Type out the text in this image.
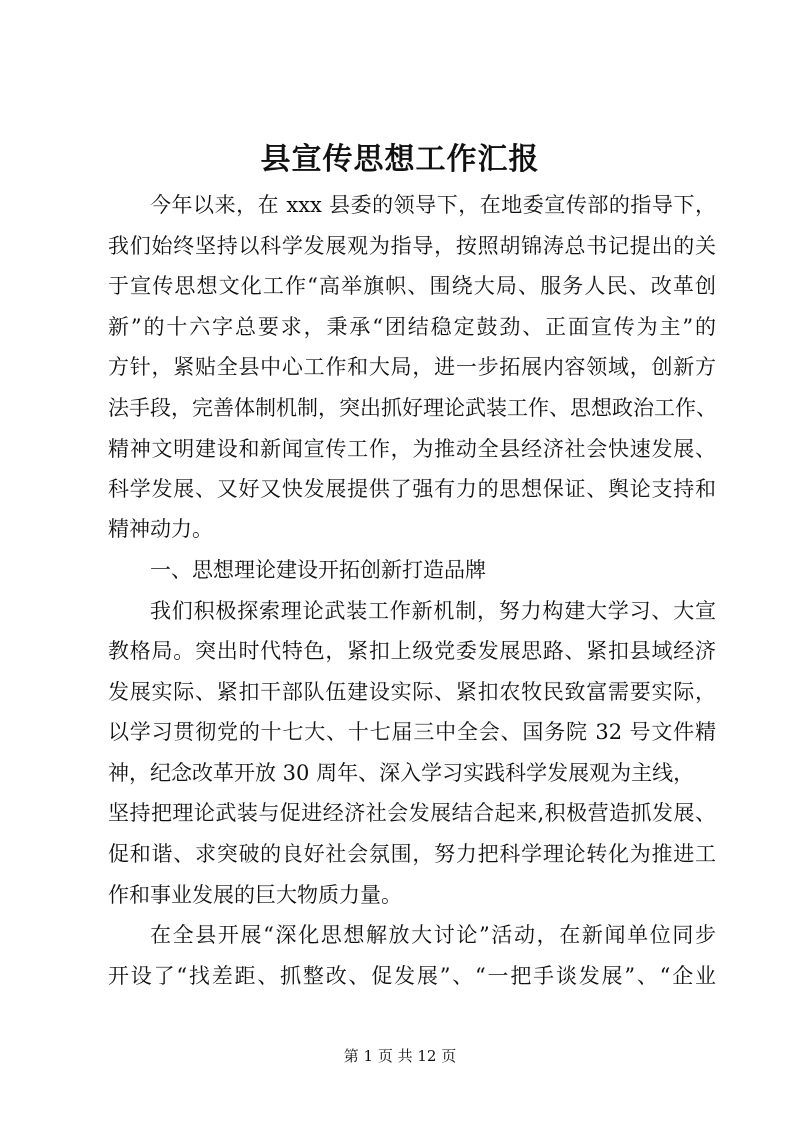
县宣传思想工作汇报
今年以来，在 xxx 县委的领导下，在地委宣传部的指导下，
我们始终坚持以科学发展观为指导，按照胡锦涛总书记提出的关
于宣传思想文化工作“高举旗帜、围绕大局、服务人民、改革创
新”的十六字总要求，秉承“团结稳定鼓劲、正面宣传为主”的
方针，紧贴全县中心工作和大局，进一步拓展内容领域，创新方
法手段，完善体制机制，突出抓好理论武装工作、思想政治工作、
精神文明建设和新闻宣传工作，为推动全县经济社会快速发展、
科学发展、又好又快发展提供了强有力的思想保证、舆论支持和
精神动力。
一、思想理论建设开拓创新打造品牌
我们积极探索理论武装工作新机制，努力构建大学习、大宣
教格局。突出时代特色，紧扣上级党委发展思路、紧扣县域经济
发展实际、紧扣干部队伍建设实际、紧扣农牧民致富需要实际，
以学习贯彻党的十七大、十七届三中全会、国务院 32 号文件精
神，纪念改革开放 30 周年、深入学习实践科学发展观为主线，
坚持把理论武装与促进经济社会发展结合起来,积极营造抓发展、
促和谐、求突破的良好社会氛围，努力把科学理论转化为推进工
作和事业发展的巨大物质力量。
在全县开展“深化思想解放大讨论”活动，在新闻单位同步
开设了“找差距、抓整改、促发展”、“一把手谈发展”、“企业
第 1 页 共 12 页
